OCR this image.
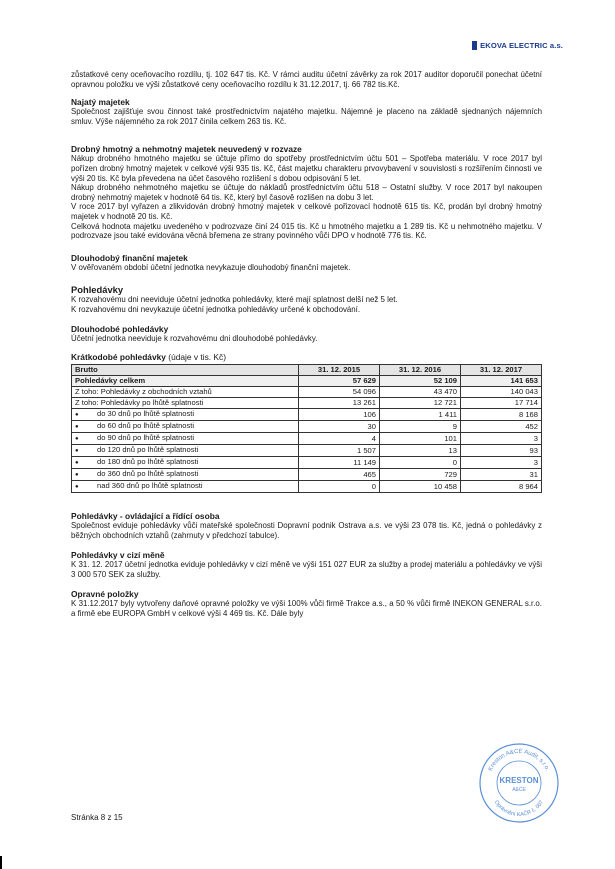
EKOVA ELECTRIC a.s.

zůstatkové ceny oceňovacího rozdílu, tj. 102 647 tis. Kč. V rámci auditu účetní závěrky za rok 2017 auditor doporučil ponechat účetní opravnou položku ve výši zůstatkové ceny oceňovacího rozdílu k 31.12.2017, tj. 66 782 tis.Kč.

Najatý majetek

Společnost zajišťuje svou činnost také prostřednictvím najatého majetku. Nájemné je placeno na základě sjednaných nájemních smluv. Výše nájemného za rok 2017 činila celkem 263 tis. Kč.

Drobný hmotný a nehmotný majetek neuvedený v rozvaze

Nákup drobného hmotného majetku se účtuje přímo do spotřeby prostřednictvím účtu 501 – Spotřeba materiálu. V roce 2017 byl pořízen drobný hmotný majetek v celkové výši 935 tis. Kč, část majetku charakteru prvovybavení v souvislosti s rozšířením činnosti ve výši 20 tis. Kč byla převedena na účet časového rozlišení s dobou odpisování 5 let.

Nákup drobného nehmotného majetku se účtuje do nákladů prostřednictvím účtu 518 – Ostatní služby. V roce 2017 byl nakoupen drobný nehmotný majetek v hodnotě 64 tis. Kč, který byl časově rozlišen na dobu 3 let.

V roce 2017 byl vyřazen a zlikvidován drobný hmotný majetek v celkové pořizovací hodnotě 615 tis. Kč, prodán byl drobný hmotný majetek v hodnotě 20 tis. Kč.

Celková hodnota majetku uvedeného v podrozvaze činí 24 015 tis. Kč u hmotného majetku a 1 289 tis. Kč u nehmotného majetku. V podrozvaze jsou také evidována věcná břemena ze strany povinného vůči DPO v hodnotě 776 tis. Kč.

Dlouhodobý finanční majetek

V ověřovaném období účetní jednotka nevykazuje dlouhodobý finanční majetek.

Pohledávky

K rozvahovému dni neeviduje účetní jednotka pohledávky, které mají splatnost delší než 5 let.

K rozvahovému dni nevykazuje účetní jednotka pohledávky určené k obchodování.

Dlouhodobé pohledávky

Účetní jednotka neeviduje k rozvahovému dni dlouhodobé pohledávky.

Krátkodobé pohledávky (údaje v tis. Kč)
Brutto	31. 12. 2015	31. 12. 2016	31. 12. 2017
Pohledávky celkem	57 629	52 109	141 653
Z toho: Pohledávky z obchodních vztahů	54 096	43 470	140 043
Z toho: Pohledávky po lhůtě splatnosti	13 261	12 721	17 714
● do 30 dnů po lhůtě splatnosti	106	1 411	8 168
● do 60 dnů po lhůtě splatnosti	30	9	452
● do 90 dnů po lhůtě splatnosti	4	101	3
● do 120 dnů po lhůtě splatnosti	1 507	13	93
● do 180 dnů po lhůtě splatnosti	11 149	0	3
● do 360 dnů po lhůtě splatnosti	465	729	31
● nad 360 dnů po lhůtě splatnosti	0	10 458	8 964
Pohledávky - ovládající a řídící osoba

Společnost eviduje pohledávky vůči mateřské společnosti Dopravní podnik Ostrava a.s. ve výši 23 078 tis. Kč, jedná o pohledávky z běžných obchodních vztahů (zahrnuty v předchozí tabulce).

Pohledávky v cizí měně

K 31. 12. 2017 účetní jednotka eviduje pohledávky v cizí měně ve výši 151 027 EUR za služby a prodej materiálu a pohledávky ve výši 3 000 570 SEK za služby.

Opravné položky

K 31.12.2017 byly vytvořeny daňové opravné položky ve výši 100% vůči firmě Trakce a.s., a 50 % vůči firmě INEKON GENERAL s.r.o. a firmě ebe EUROPA GmbH v celkové výši 4 469 tis. Kč. Dále byly

Stránka 8 z 15
Kreston A&CE Audit, s.r.o.
KRESTON
A&CE
Oprávnění KAČR č. 007
